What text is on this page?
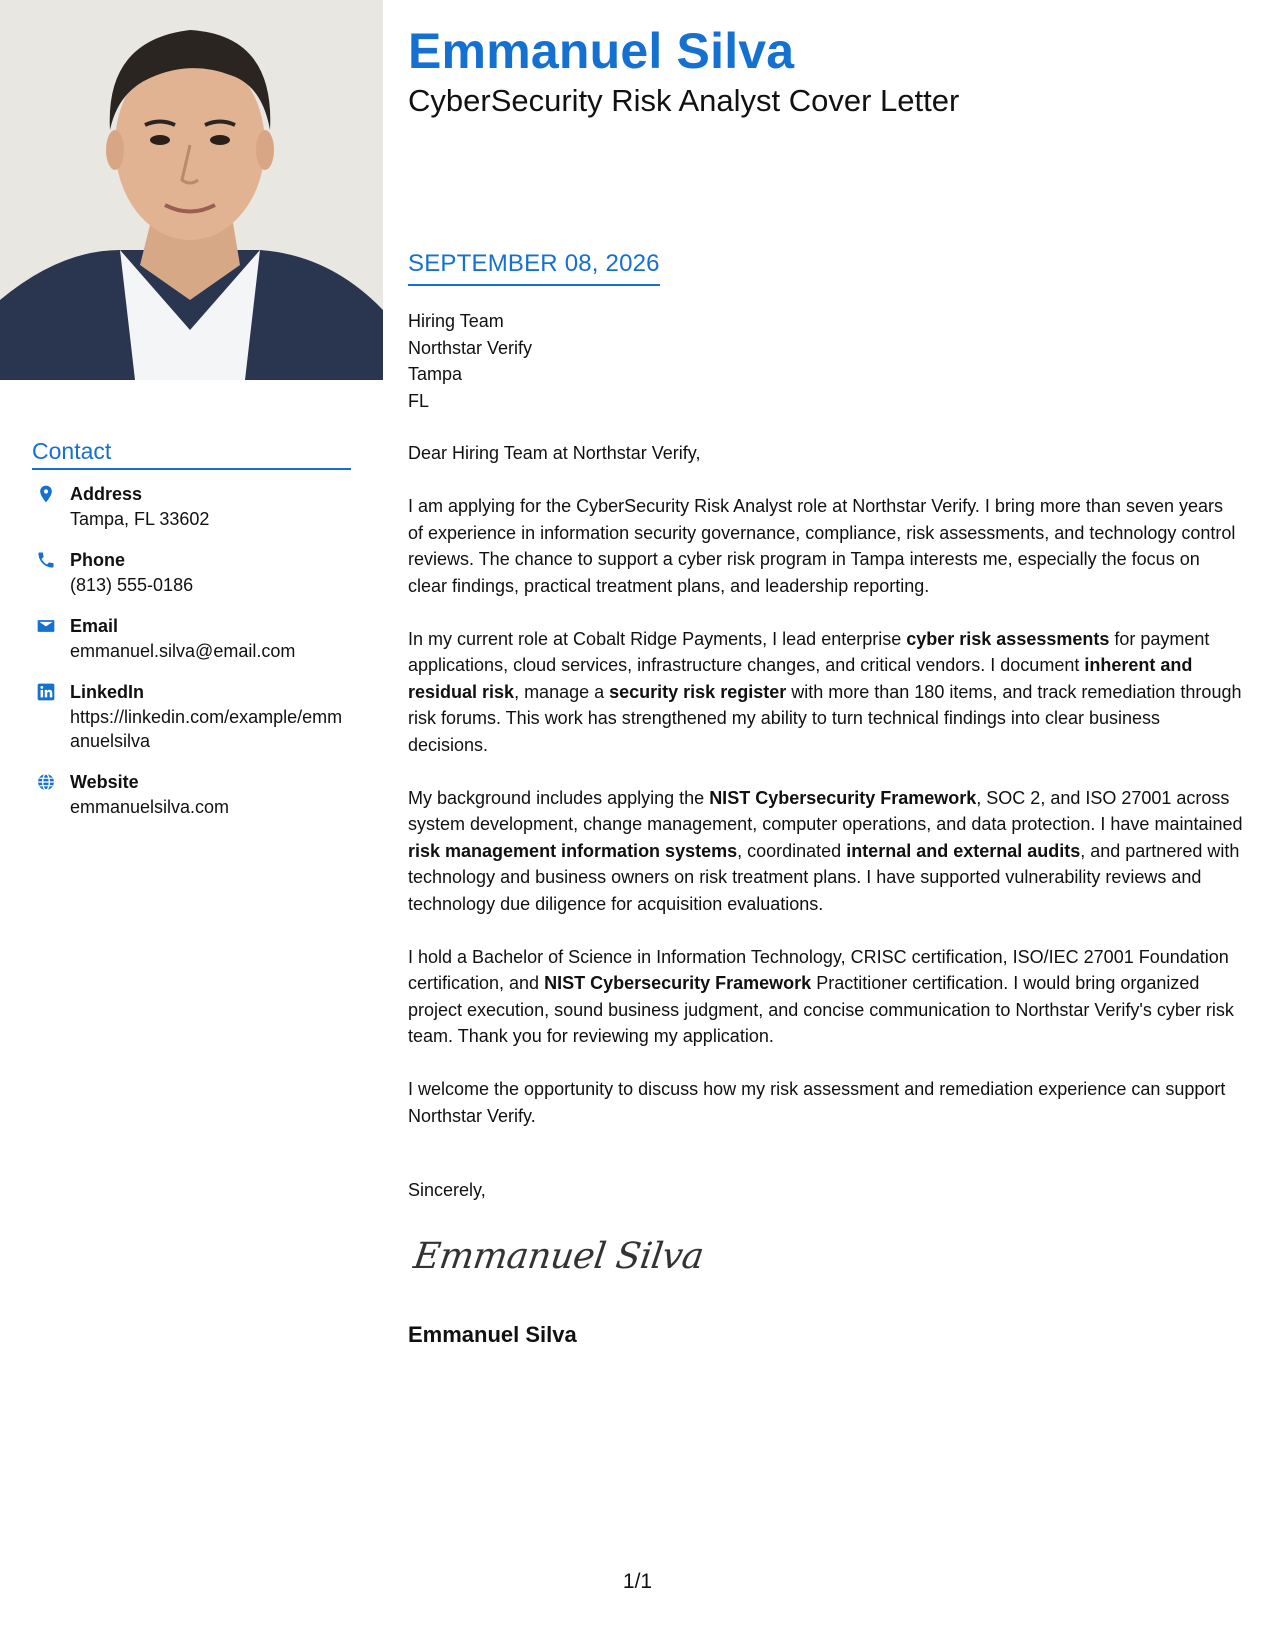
Emmanuel Silva
CyberSecurity Risk Analyst Cover Letter
SEPTEMBER 08, 2026
Hiring Team
Northstar Verify
Tampa
FL
Contact
Address
Tampa, FL 33602
Phone
(813) 555-0186
Email
emmanuel.silva@email.com
LinkedIn
https://linkedin.com/example/emmanuelsilva
Website
emmanuelsilva.com

Dear Hiring Team at Northstar Verify,

I am applying for the CyberSecurity Risk Analyst role at Northstar Verify. I bring more than seven years of experience in information security governance, compliance, risk assessments, and technology control reviews. The chance to support a cyber risk program in Tampa interests me, especially the focus on clear findings, practical treatment plans, and leadership reporting.

In my current role at Cobalt Ridge Payments, I lead enterprise cyber risk assessments for payment applications, cloud services, infrastructure changes, and critical vendors. I document inherent and residual risk, manage a security risk register with more than 180 items, and track remediation through risk forums. This work has strengthened my ability to turn technical findings into clear business decisions.

My background includes applying the NIST Cybersecurity Framework, SOC 2, and ISO 27001 across system development, change management, computer operations, and data protection. I have maintained risk management information systems, coordinated internal and external audits, and partnered with technology and business owners on risk treatment plans. I have supported vulnerability reviews and technology due diligence for acquisition evaluations.

I hold a Bachelor of Science in Information Technology, CRISC certification, ISO/IEC 27001 Foundation certification, and NIST Cybersecurity Framework Practitioner certification. I would bring organized project execution, sound business judgment, and concise communication to Northstar Verify's cyber risk team. Thank you for reviewing my application.

I welcome the opportunity to discuss how my risk assessment and remediation experience can support Northstar Verify.

Sincerely,
Emmanuel Silva
Emmanuel Silva
1/1
